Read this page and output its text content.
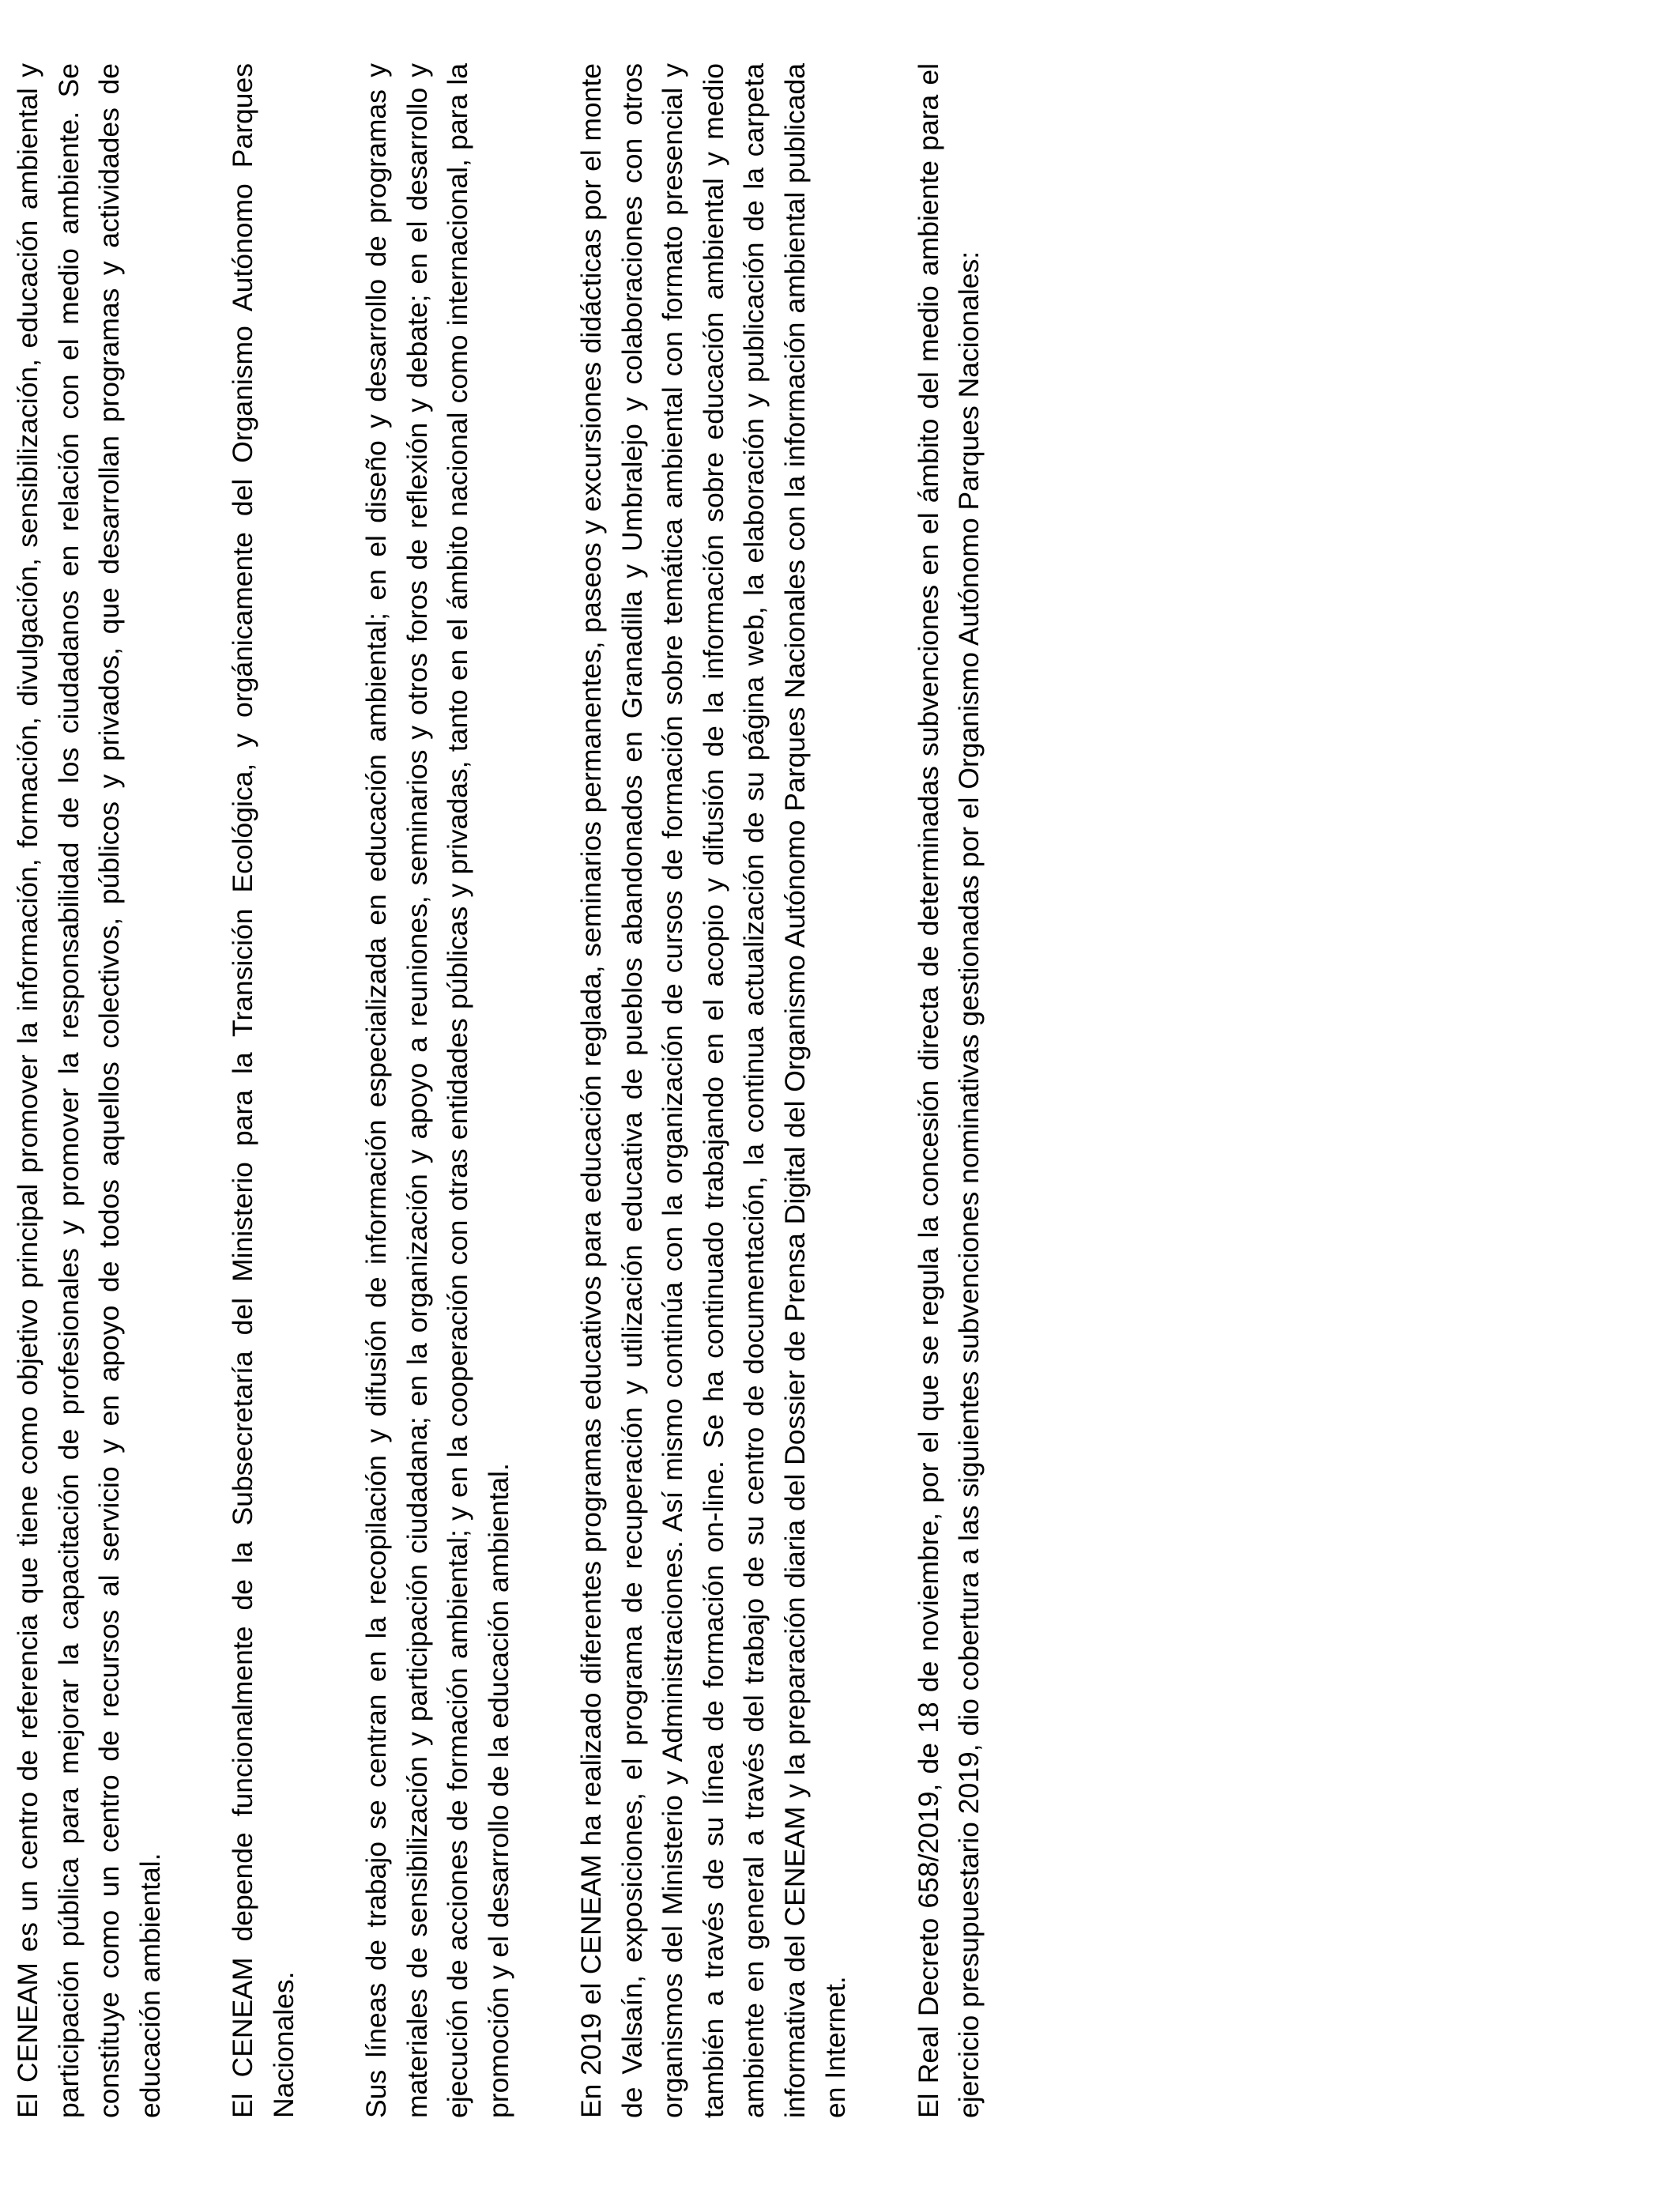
El CENEAM es un centro de referencia que tiene como objetivo principal promover la información, formación, divulgación, sensibilización, educación ambiental y participación pública para mejorar la capacitación de profesionales y promover la responsabilidad de los ciudadanos en relación con el medio ambiente. Se constituye como un centro de recursos al servicio y en apoyo de todos aquellos colectivos, públicos y privados, que desarrollan programas y actividades de educación ambiental. El CENEAM depende funcionalmente de la Subsecretaría del Ministerio para la Transición Ecológica, y orgánicamente del Organismo Autónomo Parques Nacionales. Sus líneas de trabajo se centran en la recopilación y difusión de información especializada en educación ambiental; en el diseño y desarrollo de programas y materiales de sensibilización y participación ciudadana; en la organización y apoyo a reuniones, seminarios y otros foros de reflexión y debate; en el desarrollo y ejecución de acciones de formación ambiental; y en la cooperación con otras entidades públicas y privadas, tanto en el ámbito nacional como internacional, para la promoción y el desarrollo de la educación ambiental. En 2019 el CENEAM ha realizado diferentes programas educativos para educación reglada, seminarios permanentes, paseos y excursiones didácticas por el monte de Valsaín, exposiciones, el programa de recuperación y utilización educativa de pueblos abandonados en Granadilla y Umbralejo y colaboraciones con otros organismos del Ministerio y Administraciones. Así mismo continúa con la organización de cursos de formación sobre temática ambiental con formato presencial y también a través de su línea de formación on-line. Se ha continuado trabajando en el acopio y difusión de la información sobre educación ambiental y medio ambiente en general a través del trabajo de su centro de documentación, la continua actualización de su página web, la elaboración y publicación de la carpeta informativa del CENEAM y la preparación diaria del Dossier de Prensa Digital del Organismo Autónomo Parques Nacionales con la información ambiental publicada en Internet. El Real Decreto 658/2019, de 18 de noviembre, por el que se regula la concesión directa de determinadas subvenciones en el ámbito del medio ambiente para el ejercicio presupuestario 2019, dio cobertura a las siguientes subvenciones nominativas gestionadas por el Organismo Autónomo Parques Nacionales:
